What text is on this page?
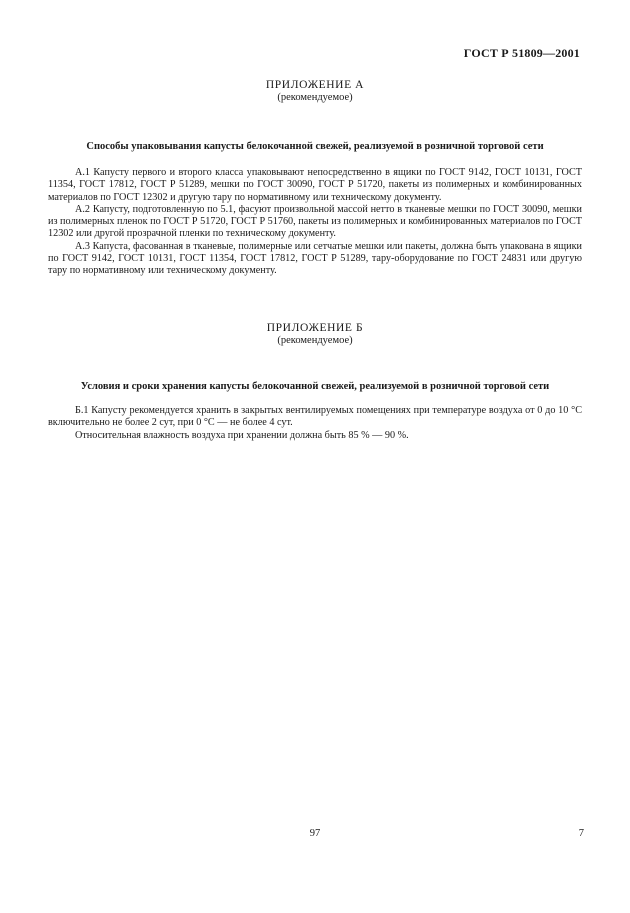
ГОСТ Р 51809—2001
ПРИЛОЖЕНИЕ А
(рекомендуемое)
Способы упаковывания капусты белокочанной свежей, реализуемой в розничной торговой сети

А.1 Капусту первого и второго класса упаковывают непосредственно в ящики по ГОСТ 9142, ГОСТ 10131, ГОСТ 11354, ГОСТ 17812, ГОСТ Р 51289, мешки по ГОСТ 30090, ГОСТ Р 51720, пакеты из полимерных и комбинированных материалов по ГОСТ 12302 и другую тару по нормативному или техническому документу.

А.2 Капусту, подготовленную по 5.1, фасуют произвольной массой нетто в тканевые мешки по ГОСТ 30090, мешки из полимерных пленок по ГОСТ Р 51720, ГОСТ Р 51760, пакеты из полимерных и комбинированных материалов по ГОСТ 12302 или другой прозрачной пленки по техническому документу.

А.3 Капуста, фасованная в тканевые, полимерные или сетчатые мешки или пакеты, должна быть упакована в ящики по ГОСТ 9142, ГОСТ 10131, ГОСТ 11354, ГОСТ 17812, ГОСТ Р 51289, тару-оборудование по ГОСТ 24831 или другую тару по нормативному или техническому документу.

ПРИЛОЖЕНИЕ Б
(рекомендуемое)
Условия и сроки хранения капусты белокочанной свежей, реализуемой в розничной торговой сети

Б.1 Капусту рекомендуется хранить в закрытых вентилируемых помещениях при температуре воздуха от 0 до 10 °С включительно не более 2 сут, при 0 °С — не более 4 сут.

Относительная влажность воздуха при хранении должна быть 85 % — 90 %.

97	7
